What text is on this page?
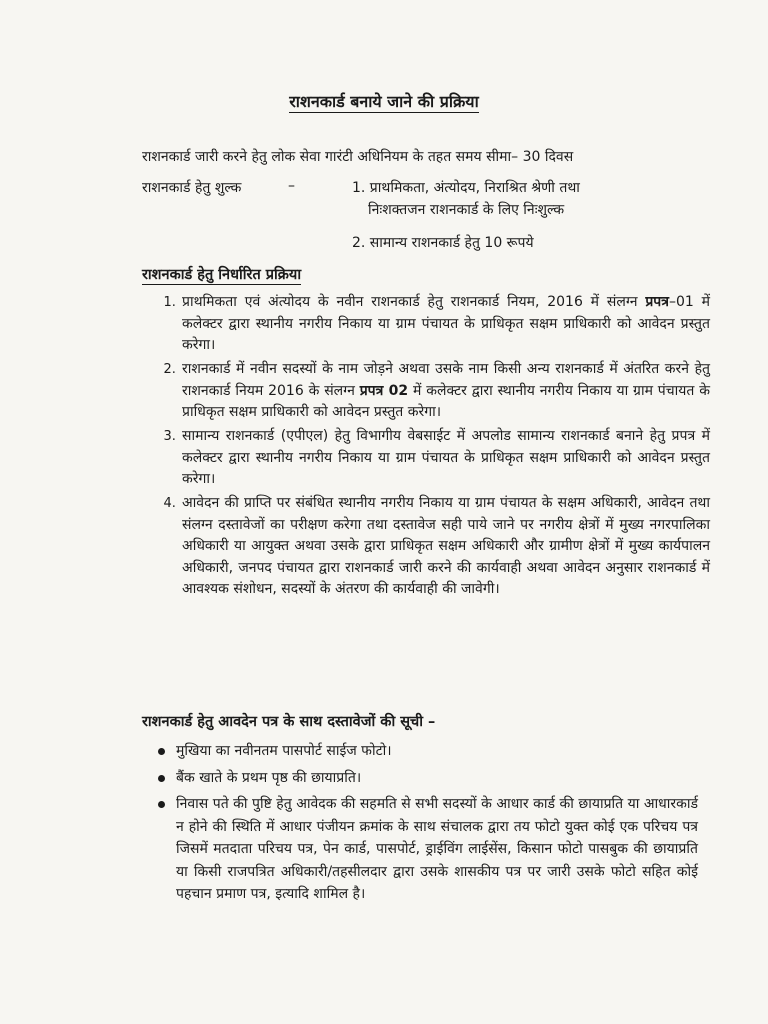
राशनकार्ड बनाये जाने की प्रक्रिया
राशनकार्ड जारी करने हेतु लोक सेवा गारंटी अधिनियम के तहत समय सीमा– 30 दिवस
राशनकार्ड हेतु शुल्क	–	1. प्राथमिकता, अंत्योदय, निराश्रित श्रेणी तथा
निःशक्तजन राशनकार्ड के लिए निःशुल्क
2. सामान्य राशनकार्ड हेतु 10 रूपये
राशनकार्ड हेतु निर्धारित प्रक्रिया
1. प्राथमिकता एवं अंत्योदय के नवीन राशनकार्ड हेतु राशनकार्ड नियम, 2016 में संलग्न प्रपत्र–01 में कलेक्टर द्वारा स्थानीय नगरीय निकाय या ग्राम पंचायत के प्राधिकृत सक्षम प्राधिकारी को आवेदन प्रस्तुत करेगा।
2. राशनकार्ड में नवीन सदस्यों के नाम जोड़ने अथवा उसके नाम किसी अन्य राशनकार्ड में अंतरित करने हेतु राशनकार्ड नियम 2016 के संलग्न प्रपत्र 02 में कलेक्टर द्वारा स्थानीय नगरीय निकाय या ग्राम पंचायत के प्राधिकृत सक्षम प्राधिकारी को आवेदन प्रस्तुत करेगा।
3. सामान्य राशनकार्ड (एपीएल) हेतु विभागीय वेबसाईट में अपलोड सामान्य राशनकार्ड बनाने हेतु प्रपत्र में कलेक्टर द्वारा स्थानीय नगरीय निकाय या ग्राम पंचायत के प्राधिकृत सक्षम प्राधिकारी को आवेदन प्रस्तुत करेगा।
4. आवेदन की प्राप्ति पर संबंधित स्थानीय नगरीय निकाय या ग्राम पंचायत के सक्षम अधिकारी, आवेदन तथा संलग्न दस्तावेजों का परीक्षण करेगा तथा दस्तावेज सही पाये जाने पर नगरीय क्षेत्रों में मुख्य नगरपालिका अधिकारी या आयुक्त अथवा उसके द्वारा प्राधिकृत सक्षम अधिकारी और ग्रामीण क्षेत्रों में मुख्य कार्यपालन अधिकारी, जनपद पंचायत द्वारा राशनकार्ड जारी करने की कार्यवाही अथवा आवेदन अनुसार राशनकार्ड में आवश्यक संशोधन, सदस्यों के अंतरण की कार्यवाही की जावेगी।
राशनकार्ड हेतु आवदेन पत्र के साथ दस्तावेजों की सूची –
मुखिया का नवीनतम पासपोर्ट साईज फोटो।
बैंक खाते के प्रथम पृष्ठ की छायाप्रति।
निवास पते की पुष्टि हेतु आवेदक की सहमति से सभी सदस्यों के आधार कार्ड की छायाप्रति या आधारकार्ड न होने की स्थिति में आधार पंजीयन क्रमांक के साथ संचालक द्वारा तय फोटो युक्त कोई एक परिचय पत्र जिसमें मतदाता परिचय पत्र, पेन कार्ड, पासपोर्ट, ड्राईविंग लाईसेंस, किसान फोटो पासबुक की छायाप्रति या किसी राजपत्रित अधिकारी/तहसीलदार द्वारा उसके शासकीय पत्र पर जारी उसके फोटो सहित कोई पहचान प्रमाण पत्र, इत्यादि शामिल है।
